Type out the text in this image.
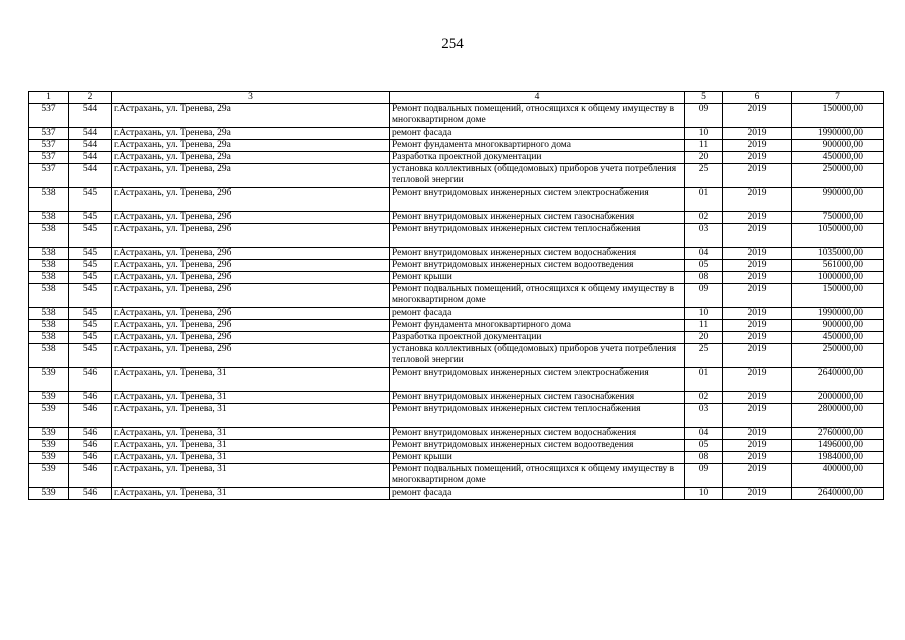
254
1	2	3	4	5	6	7
537	544	г.Астрахань, ул. Тренева, 29а	Ремонт подвальных помещений, относящихся к общему имуществу в многоквартирном доме	09	2019	150000,00
537	544	г.Астрахань, ул. Тренева, 29а	ремонт фасада	10	2019	1990000,00
537	544	г.Астрахань, ул. Тренева, 29а	Ремонт фундамента многоквартирного дома	11	2019	900000,00
537	544	г.Астрахань, ул. Тренева, 29а	Разработка проектной документации	20	2019	450000,00
537	544	г.Астрахань, ул. Тренева, 29а	установка коллективных (общедомовых) приборов учета потребления тепловой энергии	25	2019	250000,00
538	545	г.Астрахань, ул. Тренева, 29б	Ремонт внутридомовых инженерных систем электроснабжения	01	2019	990000,00
538	545	г.Астрахань, ул. Тренева, 29б	Ремонт внутридомовых инженерных систем газоснабжения	02	2019	750000,00
538	545	г.Астрахань, ул. Тренева, 29б	Ремонт внутридомовых инженерных систем теплоснабжения	03	2019	1050000,00
538	545	г.Астрахань, ул. Тренева, 29б	Ремонт внутридомовых инженерных систем водоснабжения	04	2019	1035000,00
538	545	г.Астрахань, ул. Тренева, 29б	Ремонт внутридомовых инженерных систем водоотведения	05	2019	561000,00
538	545	г.Астрахань, ул. Тренева, 29б	Ремонт крыши	08	2019	1000000,00
538	545	г.Астрахань, ул. Тренева, 29б	Ремонт подвальных помещений, относящихся к общему имуществу в многоквартирном доме	09	2019	150000,00
538	545	г.Астрахань, ул. Тренева, 29б	ремонт фасада	10	2019	1990000,00
538	545	г.Астрахань, ул. Тренева, 29б	Ремонт фундамента многоквартирного дома	11	2019	900000,00
538	545	г.Астрахань, ул. Тренева, 29б	Разработка проектной документации	20	2019	450000,00
538	545	г.Астрахань, ул. Тренева, 29б	установка коллективных (общедомовых) приборов учета потребления тепловой энергии	25	2019	250000,00
539	546	г.Астрахань, ул. Тренева, 31	Ремонт внутридомовых инженерных систем электроснабжения	01	2019	2640000,00
539	546	г.Астрахань, ул. Тренева, 31	Ремонт внутридомовых инженерных систем газоснабжения	02	2019	2000000,00
539	546	г.Астрахань, ул. Тренева, 31	Ремонт внутридомовых инженерных систем теплоснабжения	03	2019	2800000,00
539	546	г.Астрахань, ул. Тренева, 31	Ремонт внутридомовых инженерных систем водоснабжения	04	2019	2760000,00
539	546	г.Астрахань, ул. Тренева, 31	Ремонт внутридомовых инженерных систем водоотведения	05	2019	1496000,00
539	546	г.Астрахань, ул. Тренева, 31	Ремонт крыши	08	2019	1984000,00
539	546	г.Астрахань, ул. Тренева, 31	Ремонт подвальных помещений, относящихся к общему имуществу в многоквартирном доме	09	2019	400000,00
539	546	г.Астрахань, ул. Тренева, 31	ремонт фасада	10	2019	2640000,00
